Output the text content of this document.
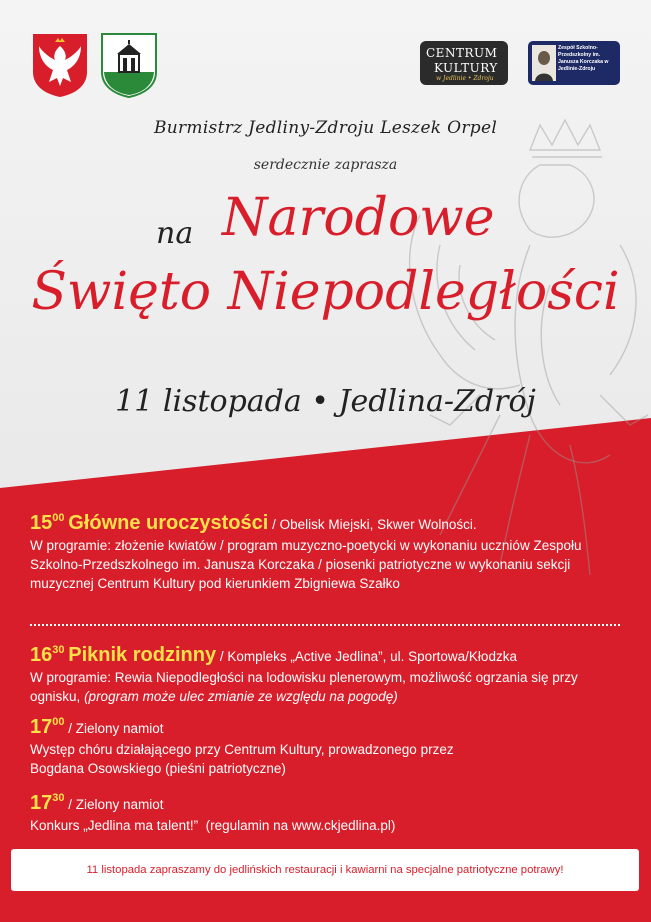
CENTRUM
KULTURY
w Jedlinie • Zdroju
Zespół Szkolno-Przedszkolny im. Janusza Korczaka w Jedlinie-Zdroju
Burmistrz Jedliny-Zdroju Leszek Orpel
serdecznie zaprasza
na Narodowe
Święto Niepodległości
11 listopada • Jedlina-Zdrój
$15^{00}$ Główne uroczystości / Obelisk Miejski, Skwer Wolności.
W programie: złożenie kwiatów / program muzyczno-poetycki w wykonaniu uczniów Zespołu Szkolno-Przedszkolnego im. Janusza Korczaka / piosenki patriotyczne w wykonaniu sekcji muzycznej Centrum Kultury pod kierunkiem Zbigniewa Szałko
$16^{30}$ Piknik rodzinny / Kompleks „Active Jedlina”, ul. Sportowa/Kłodzka
W programie: Rewia Niepodległości na lodowisku plenerowym, możliwość ogrzania się przy ognisku, (program może ulec zmianie ze względu na pogodę)
$17^{00}$ / Zielony namiot
Występ chóru działającego przy Centrum Kultury, prowadzonego przez Bogdana Osowskiego (pieśni patriotyczne)
$17^{30}$ / Zielony namiot
Konkurs „Jedlina ma talent!”  (regulamin na www.ckjedlina.pl)
11 listopada zapraszamy do jedlińskich restauracji i kawiarni na specjalne patriotyczne potrawy!
